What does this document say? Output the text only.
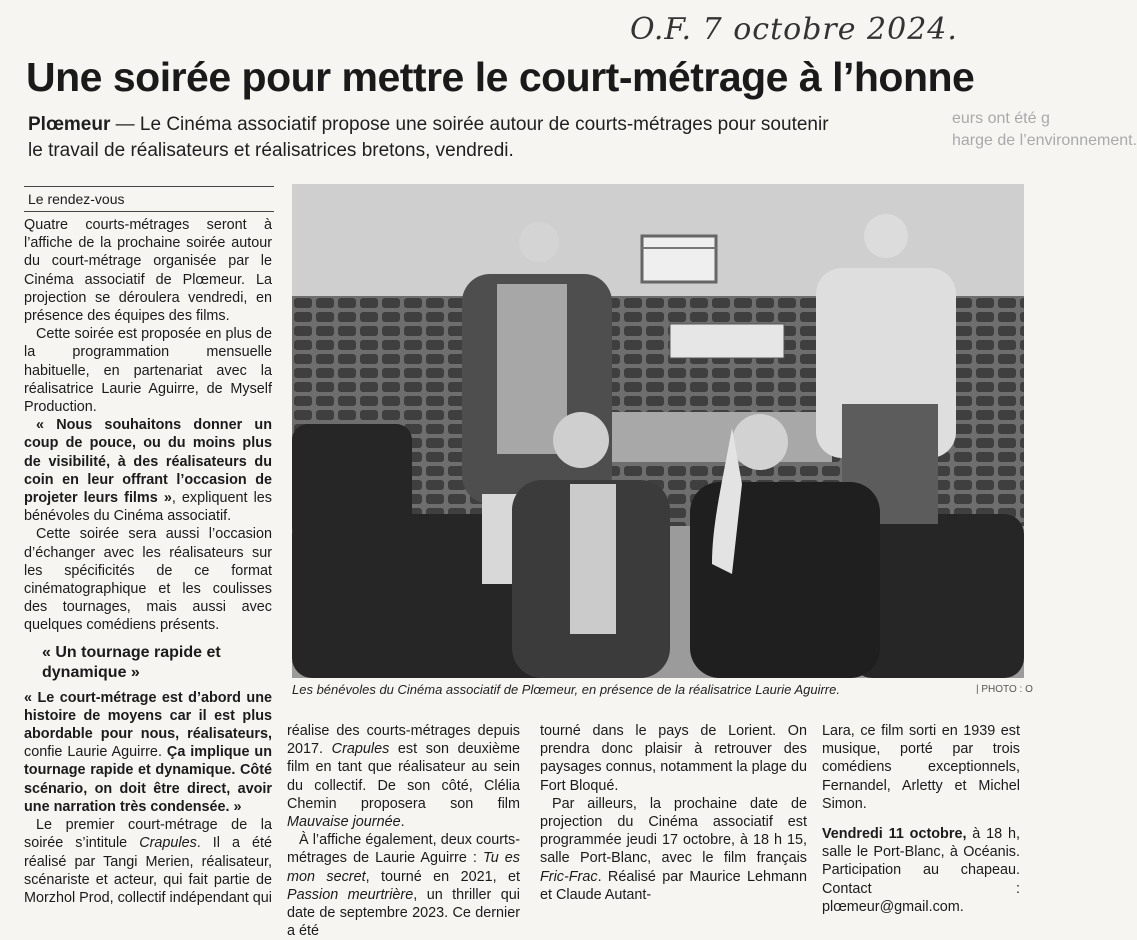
O.F. 7 octobre 2024.
Une soirée pour mettre le court-métrage à l’honne
eurs ont été g
harge de l’environnement.
Plœmeur — Le Cinéma associatif propose une soirée autour de courts-métrages pour soutenir
le travail de réalisateurs et réalisatrices bretons, vendredi.
Le rendez-vous

Quatre courts-métrages seront à l’affiche de la prochaine soirée autour du court-métrage organisée par le Cinéma associatif de Plœmeur. La projection se déroulera vendredi, en présence des équipes des films.

Cette soirée est proposée en plus de la programmation mensuelle habituelle, en partenariat avec la réalisatrice Laurie Aguirre, de Myself Production.

« Nous souhaitons donner un coup de pouce, ou du moins plus de visibilité, à des réalisateurs du coin en leur offrant l’occasion de projeter leurs films », expliquent les bénévoles du Cinéma associatif.

Cette soirée sera aussi l’occasion d’échanger avec les réalisateurs sur les spécificités de ce format cinématographique et les coulisses des tournages, mais aussi avec quelques comédiens présents.

« Un tournage rapide et dynamique »

« Le court-métrage est d’abord une histoire de moyens car il est plus abordable pour nous, réalisateurs, confie Laurie Aguirre. Ça implique un tournage rapide et dynamique. Côté scénario, on doit être direct, avoir une narration très condensée. »

Le premier court-métrage de la soirée s’intitule Crapules. Il a été réalisé par Tangi Merien, réalisateur, scénariste et acteur, qui fait partie de Morzhol Prod, collectif indépendant qui

Les bénévoles du Cinéma associatif de Plœmeur, en présence de la réalisatrice Laurie Aguirre.	| PHOTO : O

réalise des courts-métrages depuis 2017. Crapules est son deuxième film en tant que réalisateur au sein du collectif. De son côté, Clélia Chemin proposera son film Mauvaise journée.

À l’affiche également, deux courts-métrages de Laurie Aguirre : Tu es mon secret, tourné en 2021, et Passion meurtrière, un thriller qui date de septembre 2023. Ce dernier a été

tourné dans le pays de Lorient. On prendra donc plaisir à retrouver des paysages connus, notamment la plage du Fort Bloqué.

Par ailleurs, la prochaine date de projection du Cinéma associatif est programmée jeudi 17 octobre, à 18 h 15, salle Port-Blanc, avec le film français Fric-Frac. Réalisé par Maurice Lehmann et Claude Autant-

Lara, ce film sorti en 1939 est musique, porté par trois comédiens exceptionnels, Fernandel, Arletty et Michel Simon.

Vendredi 11 octobre, à 18 h, salle le Port-Blanc, à Océanis. Participation au chapeau. Contact : plœmeur@gmail.com.
